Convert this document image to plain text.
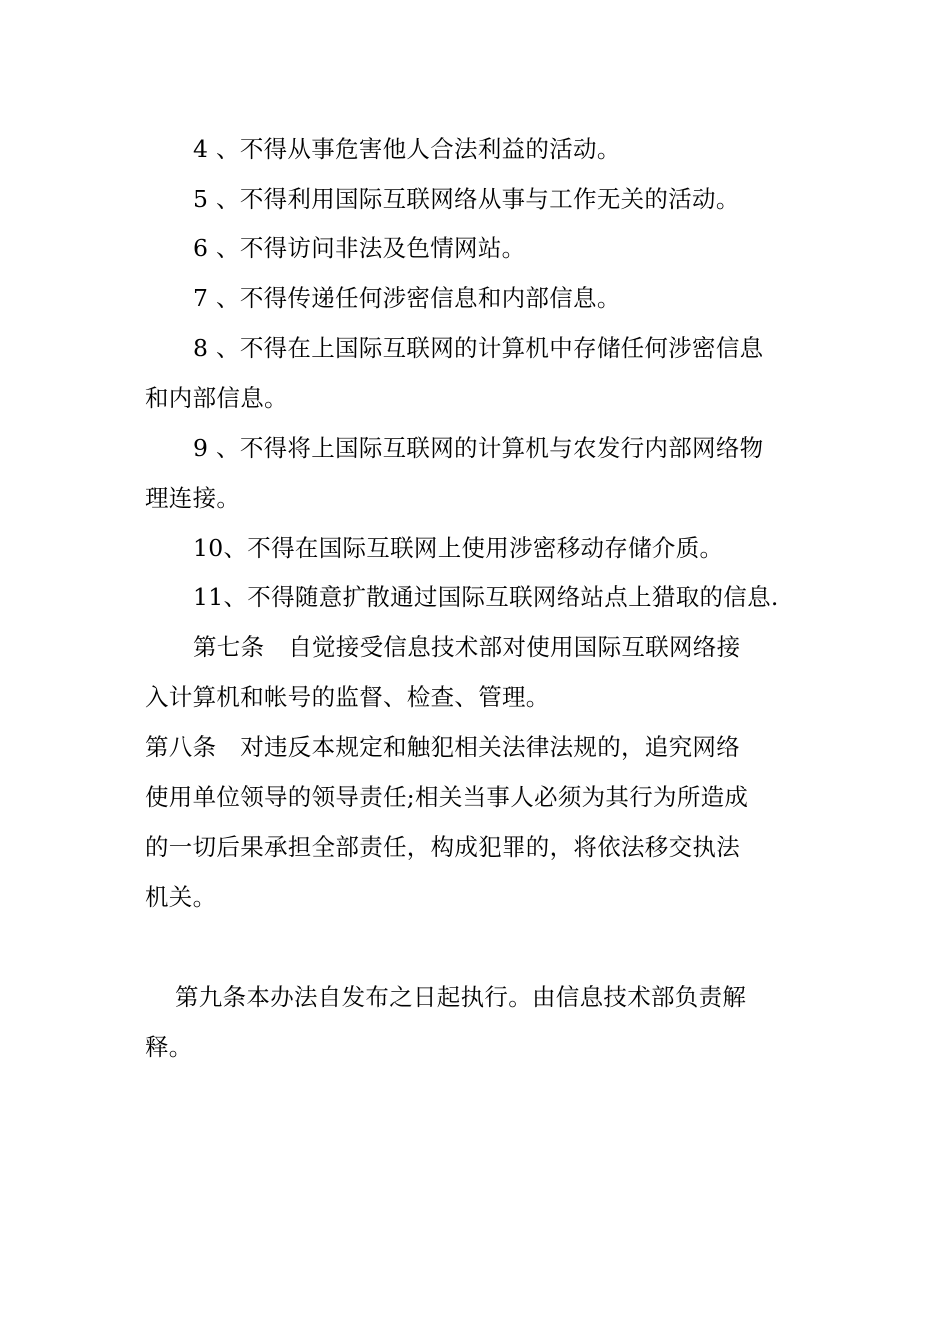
4 、不得从事危害他人合法利益的活动。
5 、不得利用国际互联网络从事与工作无关的活动。
6 、不得访问非法及色情网站。
7 、不得传递任何涉密信息和内部信息。
8 、不得在上国际互联网的计算机中存储任何涉密信息
和内部信息。
9 、不得将上国际互联网的计算机与农发行内部网络物
理连接。
10、不得在国际互联网上使用涉密移动存储介质。
11、不得随意扩散通过国际互联网络站点上猎取的信息.
第七条　自觉接受信息技术部对使用国际互联网络接
入计算机和帐号的监督、检查、管理。
第八条　对违反本规定和触犯相关法律法规的，追究网络
使用单位领导的领导责任;相关当事人必须为其行为所造成
的一切后果承担全部责任，构成犯罪的，将依法移交执法
机关。
第九条本办法自发布之日起执行。由信息技术部负责解
释。
